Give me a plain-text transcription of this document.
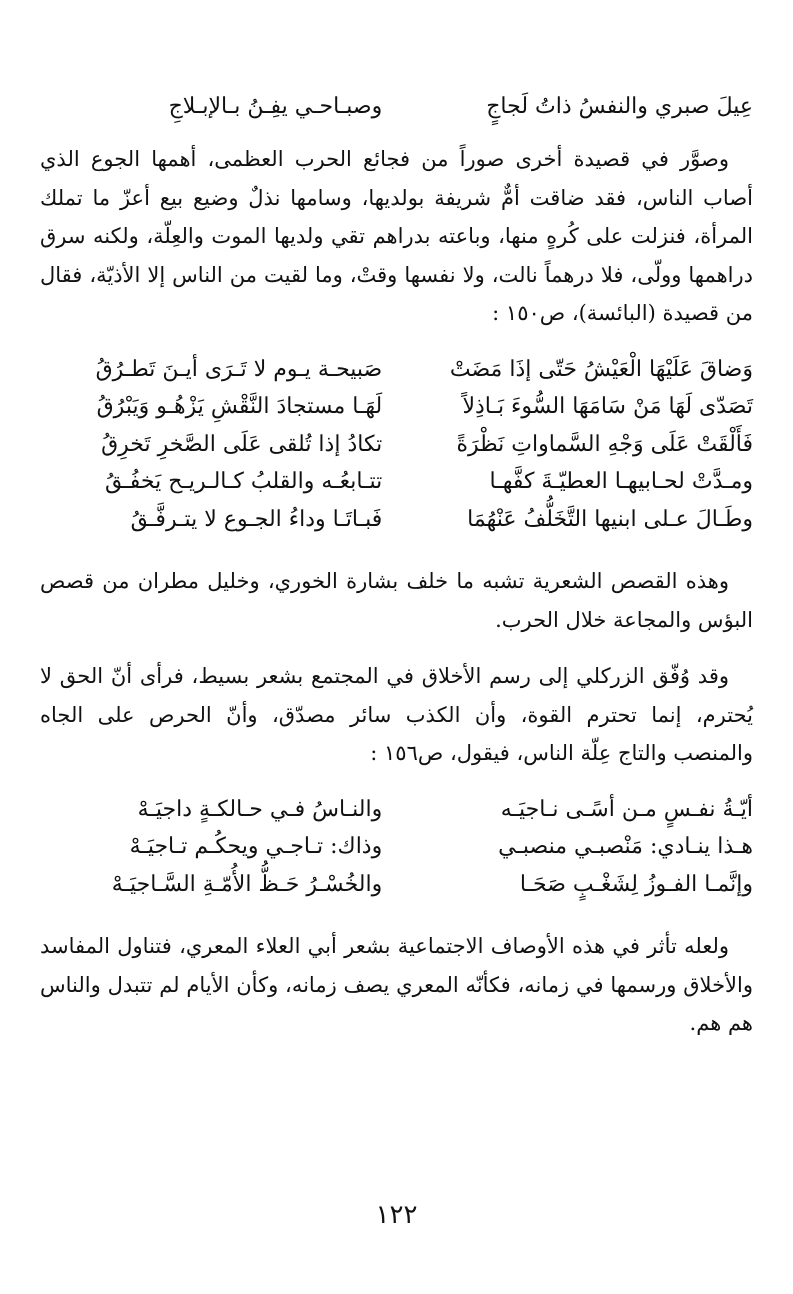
عِيلَ صبري والنفسُ ذاتُ لَجاجٍ
وصبـاحـي يفِـنُ بـالإبـلاجِ

وصوَّر في قصيدة أخرى صوراً من فجائع الحرب العظمى، أهمها الجوع الذي أصاب الناس، فقد ضاقت أمٌّ شريفة بولديها، وسامها نذلٌ وضيع بيع أعزّ ما تملك المرأة، فنزلت على كُرهٍ منها، وباعته بدراهم تقي ولديها الموت والعِلّة، ولكنه سرق دراهمها وولّى، فلا درهماً نالت، ولا نفسها وقتْ، وما لقيت من الناس إلا الأذيّة، فقال من قصيدة (البائسة)، ص١٥٠ :

وَضاقَ عَلَيْهَا الْعَيْشُ حَتّى إذَا مَضَتْ
صَبيحـة يـوم لا تَـرَى أيـنَ تَطـرُقُ
تَصَدّى لَهَا مَنْ سَامَهَا السُّوءَ بَـاذِلاً
لَهَـا مستجادَ النَّقْشِ يَزْهُـو وَيَبْرُقُ
فَأَلْقَتْ عَلَى وَجْهِ السَّماواتِ نَظْرَةً
تكادُ إذا تُلقى عَلَى الصَّخرِ تَخرِقُ
ومـدَّتْ لحـابيهـا العطيّـةَ كفَّهـا
تتـابعُـه والقلبُ كـالـريـح يَخفُـقُ
وطَـالَ عـلى ابنيها التَّخَلُّفُ عَنْهُمَا
فَبـاتَـا وداءُ الجـوع لا يتـرفَّـقُ

وهذه القصص الشعرية تشبه ما خلف بشارة الخوري، وخليل مطران من قصص البؤس والمجاعة خلال الحرب.

وقد وُفّق الزركلي إلى رسم الأخلاق في المجتمع بشعر بسيط، فرأى أنّ الحق لا يُحترم، إنما تحترم القوة، وأن الكذب سائر مصدّق، وأنّ الحرص على الجاه والمنصب والتاج عِلّة الناس، فيقول، ص١٥٦ :

أيّـةُ نفـسٍ مـن أسًـى نـاجيَـه
والنـاسُ فـي حـالكـةٍ داجيَـهْ
هـذا ينـادي: مَنْصبـي منصبـي
وذاك: تـاجـي ويحكُـم تـاجيَـهْ
وإنَّمـا الفـوزُ لِشَغْـبٍ صَحَـا
والخُسْـرُ حَـظُّ الأُمّـةِ السَّـاجيَـهْ

ولعله تأثر في هذه الأوصاف الاجتماعية بشعر أبي العلاء المعري، فتناول المفاسد والأخلاق ورسمها في زمانه، فكأنّه المعري يصف زمانه، وكأن الأيام لم تتبدل والناس هم هم.

١٢٢
